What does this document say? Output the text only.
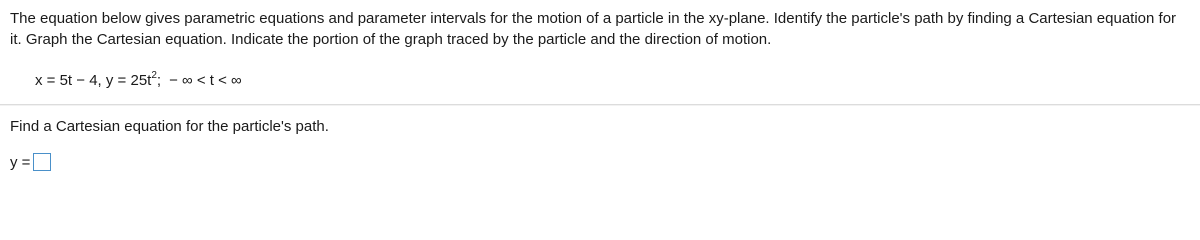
The equation below gives parametric equations and parameter intervals for the motion of a particle in the xy-plane. Identify the particle's path by finding a Cartesian equation for it. Graph the Cartesian equation. Indicate the portion of the graph traced by the particle and the direction of motion.
x = 5t − 4, $y = 25t^2$; − ∞ < t < ∞
Find a Cartesian equation for the particle's path.
y =
